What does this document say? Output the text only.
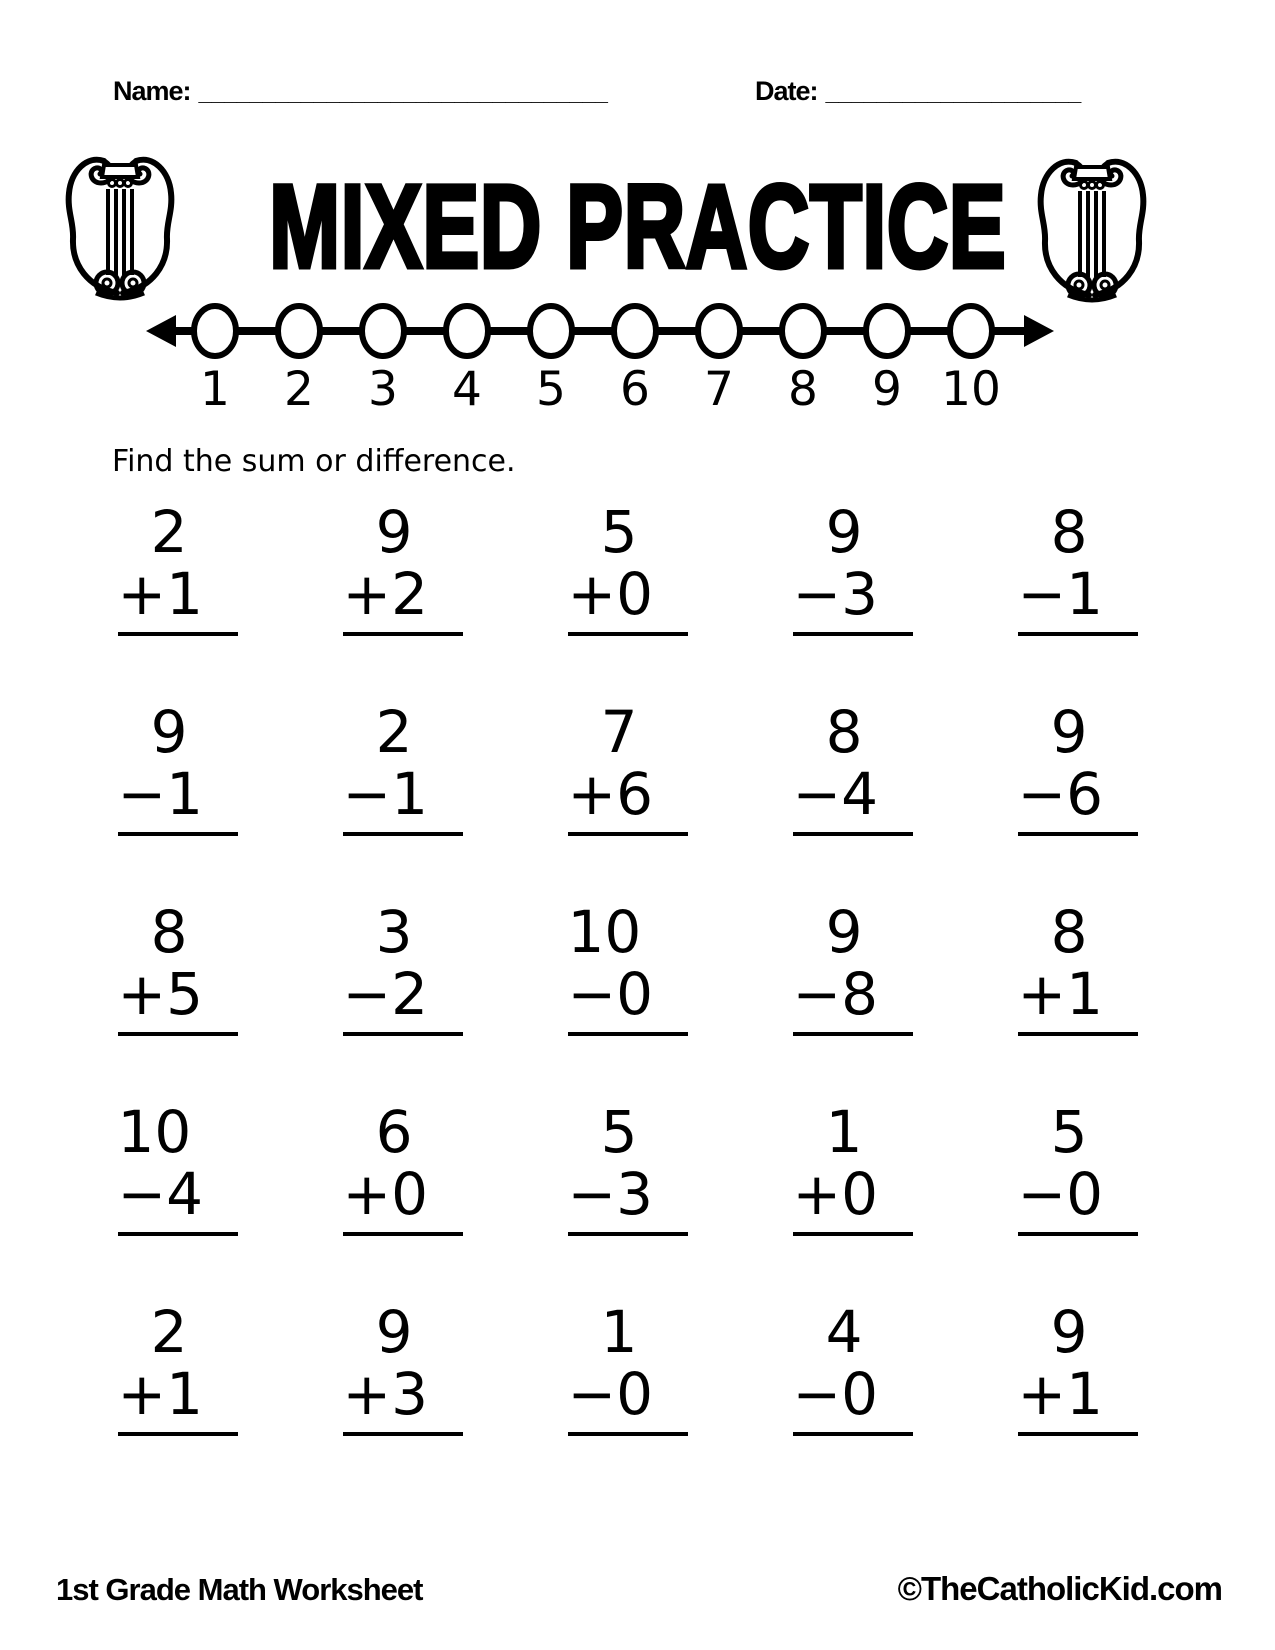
Name: ________________________________	Date: ____________________
MIXED PRACTICE
1 2 3 4 5 6 7 8 9 10

Find the sum or difference.

2
+ 1
9
+ 2
5
+ 0
9
− 3
8
− 1
9
− 1
2
− 1
7
+ 6
8
− 4
9
− 6
8
+ 5
3
− 2
10
− 0
9
− 8
8
+ 1
10
− 4
6
+ 0
5
− 3
1
+ 0
5
− 0
2
+ 1
9
+ 3
1
− 0
4
− 0
9
+ 1
1st Grade Math Worksheet	©TheCatholicKid.com
